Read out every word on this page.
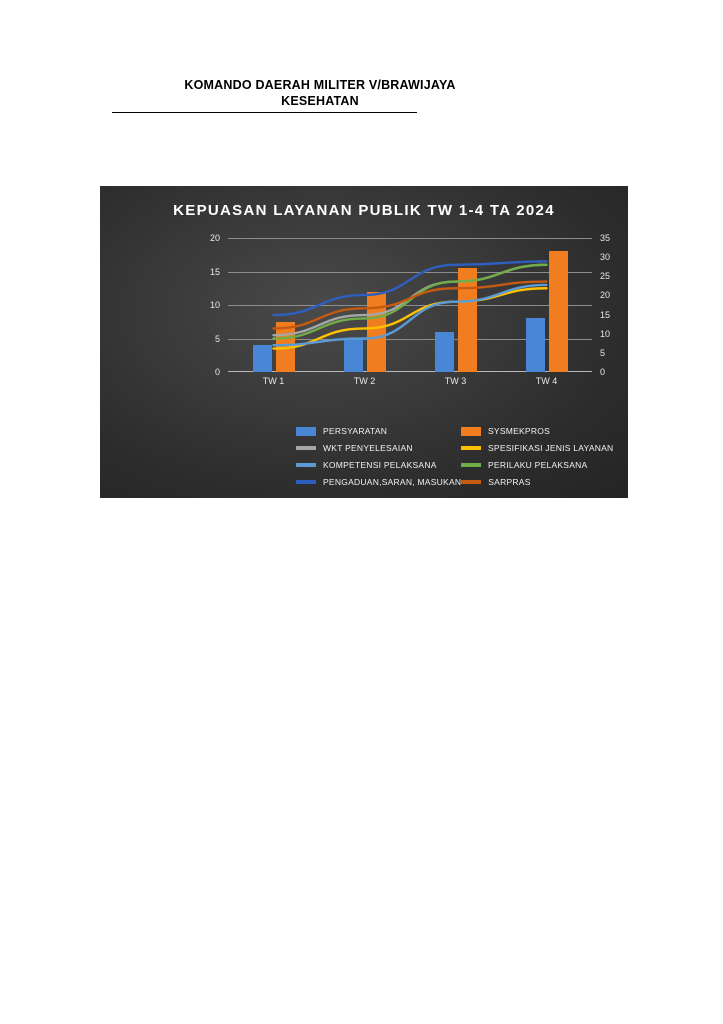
KOMANDO DAERAH MILITER V/BRAWIJAYA
KESEHATAN
KEPUASAN LAYANAN PUBLIK TW 1-4 TA 2024
0
5
10
15
20
0
5
10
15
20
25
30
35
TW 1	TW 2	TW 3	TW 4
PERSYARATAN	SYSMEKPROS
WKT PENYELESAIAN	SPESIFIKASI JENIS LAYANAN
KOMPETENSI PELAKSANA	PERILAKU PELAKSANA
PENGADUAN,SARAN, MASUKAN	SARPRAS
